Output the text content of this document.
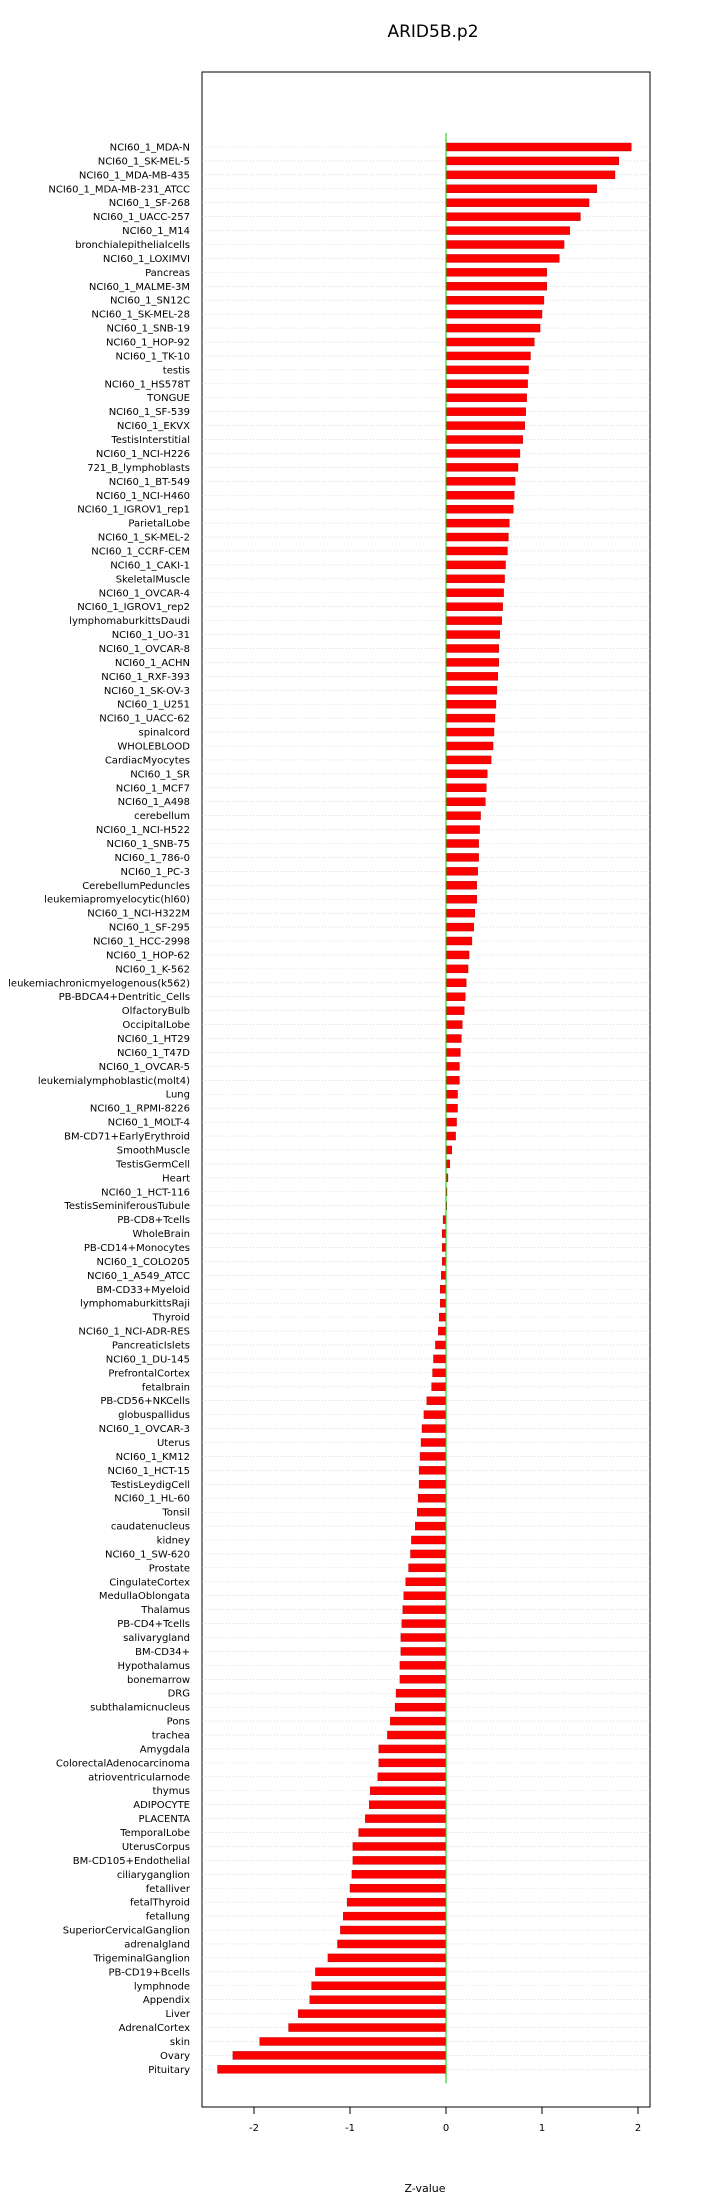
ARID5B.p2
NCI60_1_MDA-N
NCI60_1_SK-MEL-5
NCI60_1_MDA-MB-435
NCI60_1_MDA-MB-231_ATCC
NCI60_1_SF-268
NCI60_1_UACC-257
NCI60_1_M14
bronchialepithelialcells
NCI60_1_LOXIMVI
Pancreas
NCI60_1_MALME-3M
NCI60_1_SN12C
NCI60_1_SK-MEL-28
NCI60_1_SNB-19
NCI60_1_HOP-92
NCI60_1_TK-10
testis
NCI60_1_HS578T
TONGUE
NCI60_1_SF-539
NCI60_1_EKVX
TestisInterstitial
NCI60_1_NCI-H226
721_B_lymphoblasts
NCI60_1_BT-549
NCI60_1_NCI-H460
NCI60_1_IGROV1_rep1
ParietalLobe
NCI60_1_SK-MEL-2
NCI60_1_CCRF-CEM
NCI60_1_CAKI-1
SkeletalMuscle
NCI60_1_OVCAR-4
NCI60_1_IGROV1_rep2
lymphomaburkittsDaudi
NCI60_1_UO-31
NCI60_1_OVCAR-8
NCI60_1_ACHN
NCI60_1_RXF-393
NCI60_1_SK-OV-3
NCI60_1_U251
NCI60_1_UACC-62
spinalcord
WHOLEBLOOD
CardiacMyocytes
NCI60_1_SR
NCI60_1_MCF7
NCI60_1_A498
cerebellum
NCI60_1_NCI-H522
NCI60_1_SNB-75
NCI60_1_786-0
NCI60_1_PC-3
CerebellumPeduncles
leukemiapromyelocytic(hl60)
NCI60_1_NCI-H322M
NCI60_1_SF-295
NCI60_1_HCC-2998
NCI60_1_HOP-62
NCI60_1_K-562
leukemiachronicmyelogenous(k562)
PB-BDCA4+Dentritic_Cells
OlfactoryBulb
OccipitalLobe
NCI60_1_HT29
NCI60_1_T47D
NCI60_1_OVCAR-5
leukemialymphoblastic(molt4)
Lung
NCI60_1_RPMI-8226
NCI60_1_MOLT-4
BM-CD71+EarlyErythroid
SmoothMuscle
TestisGermCell
Heart
NCI60_1_HCT-116
TestisSeminiferousTubule
PB-CD8+Tcells
WholeBrain
PB-CD14+Monocytes
NCI60_1_COLO205
NCI60_1_A549_ATCC
BM-CD33+Myeloid
lymphomaburkittsRaji
Thyroid
NCI60_1_NCI-ADR-RES
PancreaticIslets
NCI60_1_DU-145
PrefrontalCortex
fetalbrain
PB-CD56+NKCells
globuspallidus
NCI60_1_OVCAR-3
Uterus
NCI60_1_KM12
NCI60_1_HCT-15
TestisLeydigCell
NCI60_1_HL-60
Tonsil
caudatenucleus
kidney
NCI60_1_SW-620
Prostate
CingulateCortex
MedullaOblongata
Thalamus
PB-CD4+Tcells
salivarygland
BM-CD34+
Hypothalamus
bonemarrow
DRG
subthalamicnucleus
Pons
trachea
Amygdala
ColorectalAdenocarcinoma
atrioventricularnode
thymus
ADIPOCYTE
PLACENTA
TemporalLobe
UterusCorpus
BM-CD105+Endothelial
ciliaryganglion
fetalliver
fetalThyroid
fetallung
SuperiorCervicalGanglion
adrenalgland
TrigeminalGanglion
PB-CD19+Bcells
lymphnode
Appendix
Liver
AdrenalCortex
skin
Ovary
Pituitary
-2	-1	0	1	2
Z-value
